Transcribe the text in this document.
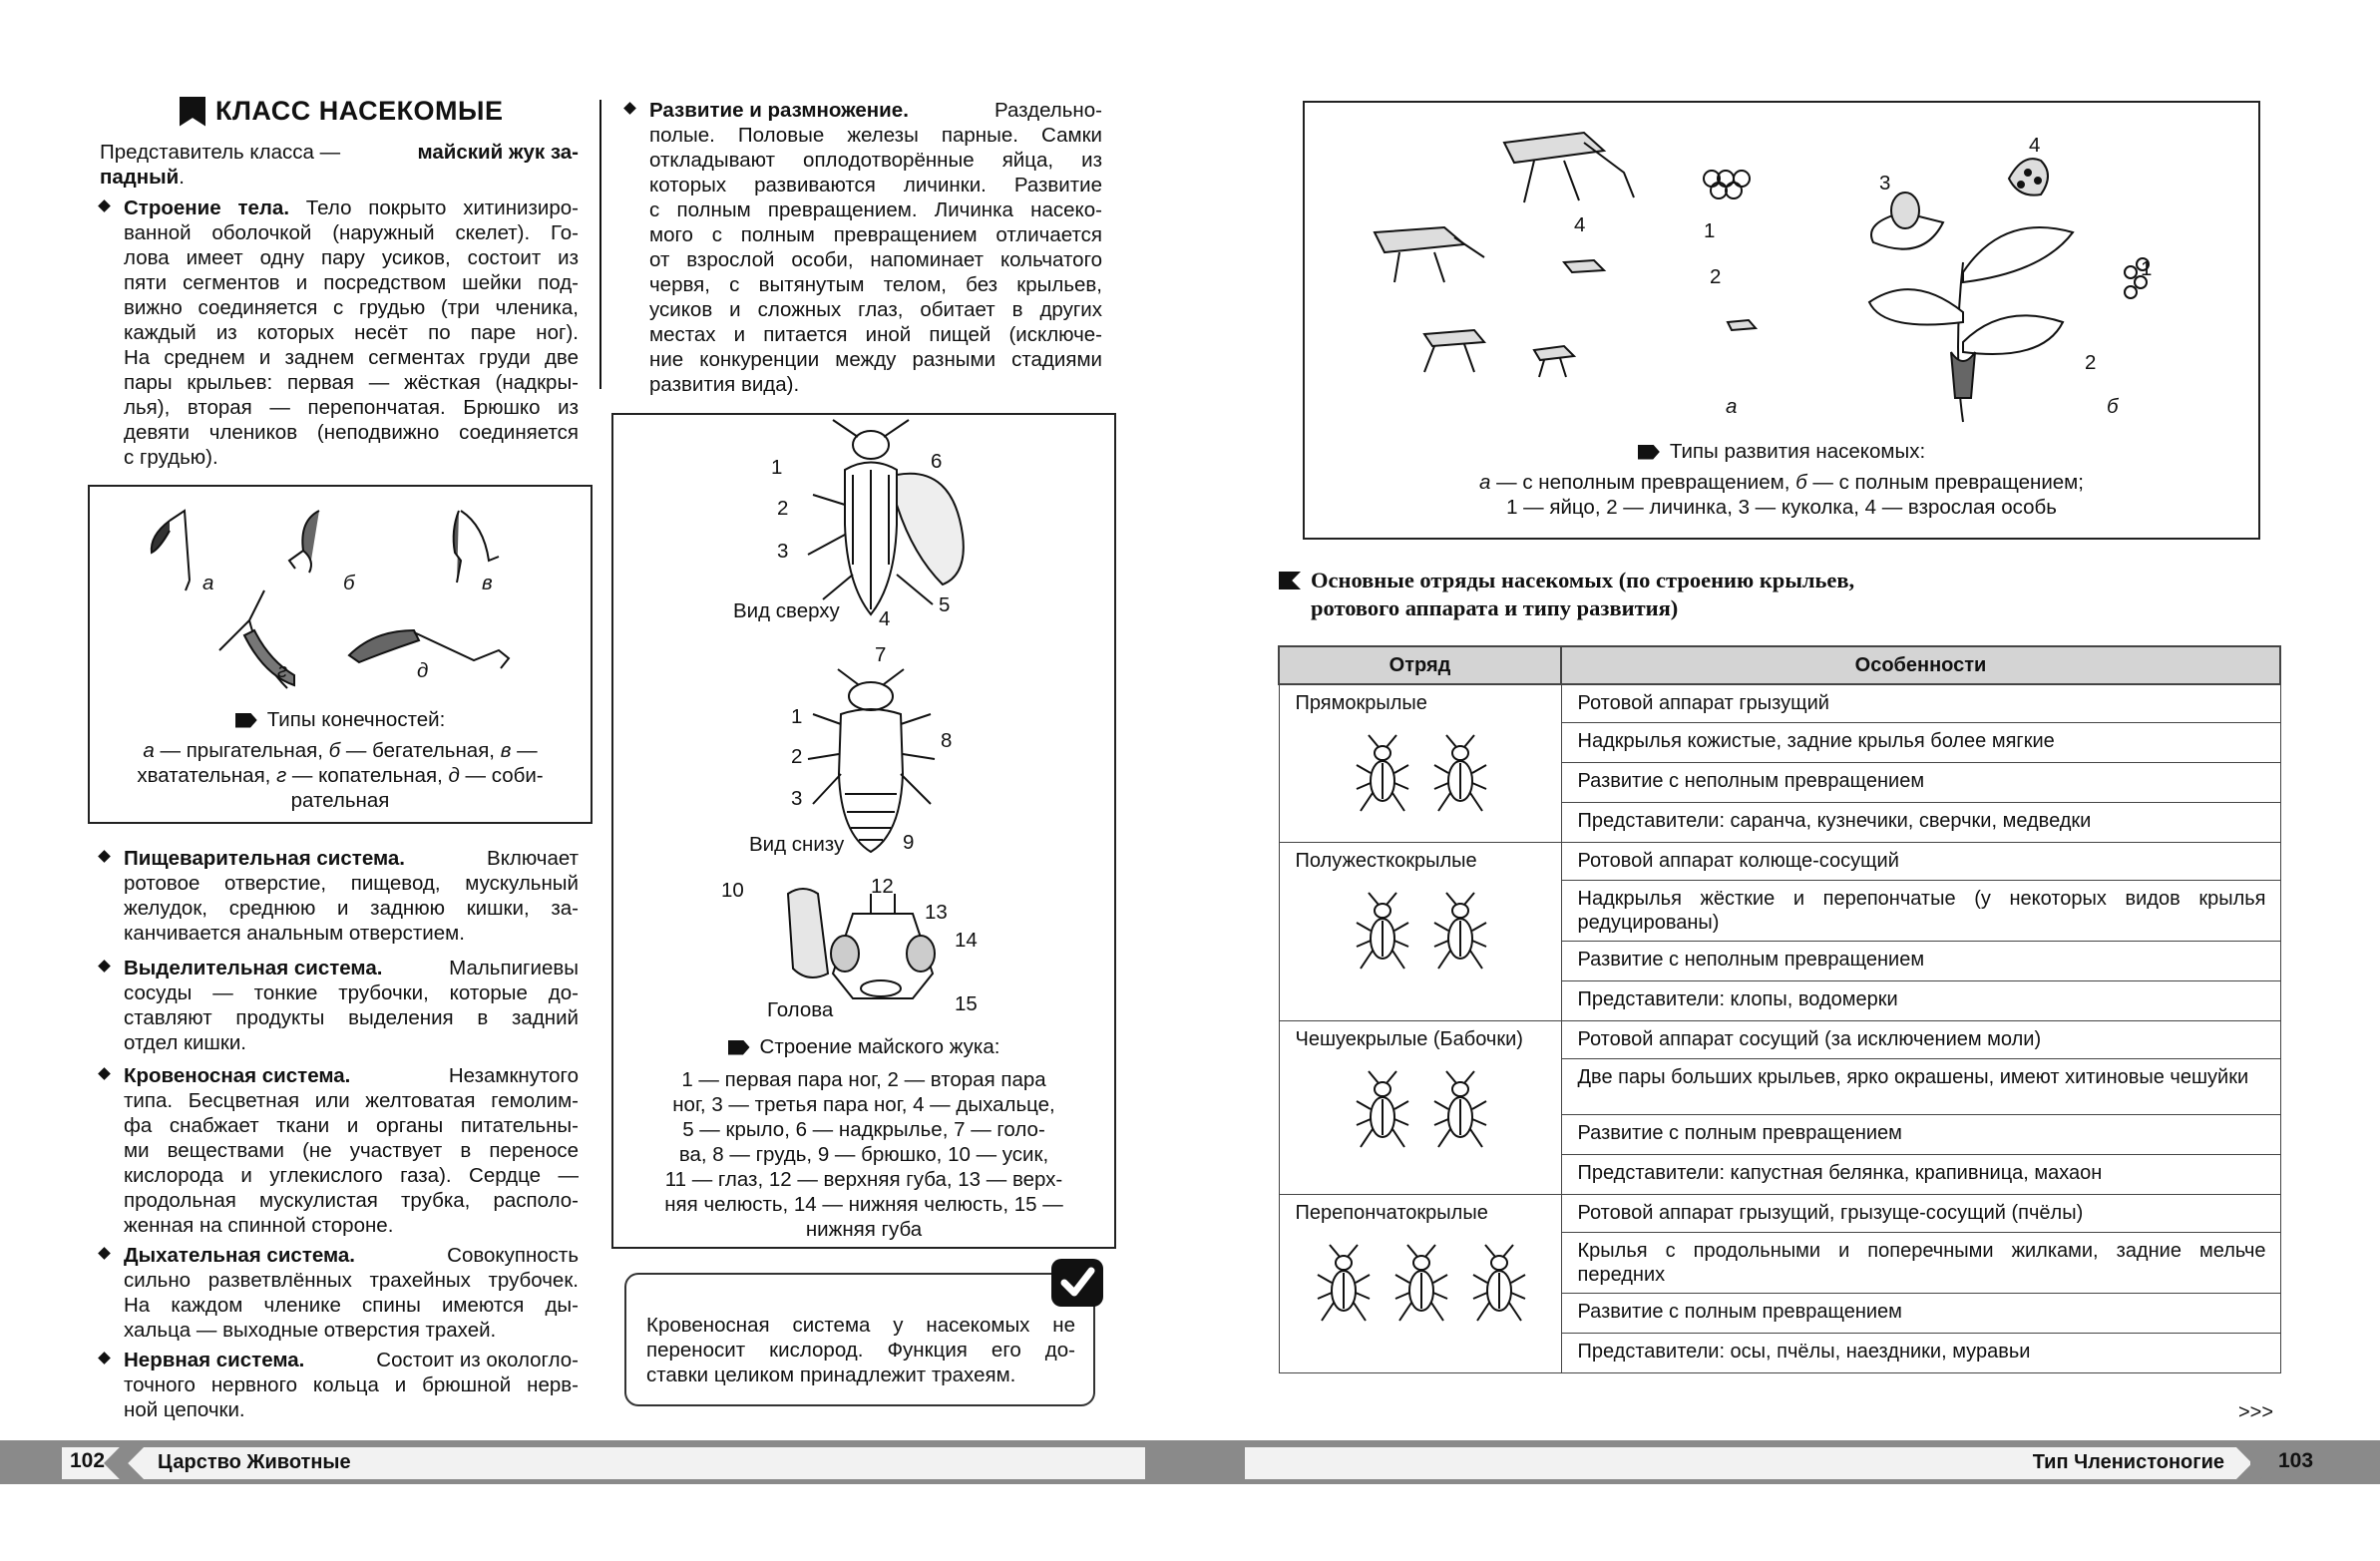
КЛАСС НАСЕКОМЫЕ
Представитель класса —	майский жук за-
падный.
Строение тела. Тело покрыто хитинизиро-
ванной оболочкой (наружный скелет). Го-
лова имеет одну пару усиков, состоит из
пяти сегментов и посредством шейки под-
вижно соединяется с грудью (три членика,
каждый из которых несёт по паре ног).
На среднем и заднем сегментах груди две
пары крыльев: первая — жёсткая (надкры-
лья), вторая — перепончатая. Брюшко из
девяти члеников (неподвижно соединяется
с грудью).
а	б	в
г	д
Типы конечностей:
а — прыгательная, б — бегательная, в —
хватательная, г — копательная, д — соби-
рательная
Пищеварительная система.	Включает
ротовое отверстие, пищевод, мускульный
желудок, среднюю и заднюю кишки, за-
канчивается анальным отверстием.
Выделительная система.	Мальпигиевы
сосуды — тонкие трубочки, которые до-
ставляют продукты выделения в задний
отдел кишки.
Кровеносная система.	Незамкнутого
типа. Бесцветная или желтоватая гемолим-
фа снабжает ткани и органы питательны-
ми веществами (не участвует в переносе
кислорода и углекислого газа). Сердце —
продольная мускулистая трубка, располо-
женная на спинной стороне.
Дыхательная система.	Совокупность
сильно разветвлённых трахейных трубочек.
На каждом членике спины имеются ды-
хальца — выходные отверстия трахей.
Нервная система.	Состоит из окологло-
точного нервного кольца и брюшной нерв-
ной цепочки.
Развитие и размножение.	Раздельно-
полые. Половые железы парные. Самки
откладывают оплодотворённые яйца, из
которых развиваются личинки. Развитие
с полным превращением. Личинка насеко-
мого с полным превращением отличается
от взрослой особи, напоминает кольчатого
червя, с вытянутым телом, без крыльев,
усиков и сложных глаз, обитает в других
местах и питается иной пищей (исключе-
ние конкуренции между разными стадиями
развития вида).
1
2
3
4
5
6
Вид сверху
7
1
2
3
8
9
Вид снизу
10	12
13
14
15
Голова
Строение майского жука:
1 — первая пара ног, 2 — вторая пара
ног, 3 — третья пара ног, 4 — дыхальце,
5 — крыло, 6 — надкрылье, 7 — голо-
ва, 8 — грудь, 9 — брюшко, 10 — усик,
11 — глаз, 12 — верхняя губа, 13 — верх-
няя челюсть, 14 — нижняя челюсть, 15 —
нижняя губа
Кровеносная система у насекомых не
переносит кислород. Функция его до-
ставки целиком принадлежит трахеям.
4	1
2
3
4
1
2
а	б
Типы развития насекомых:
а — с неполным превращением, б — с полным превращением;
1 — яйцо, 2 — личинка, 3 — куколка, 4 — взрослая особь
Основные отряды насекомых (по строению крыльев,
ротового аппарата и типу развития)
Отряд	Особенности

Прямокрылые	Ротовой аппарат грызущий
	Надкрылья кожистые, задние крылья более мягкие
	Развитие с неполным превращением
	Представители: саранча, кузнечики, сверчки, медведки

Полужесткокрылые	Ротовой аппарат колюще-сосущий
	Надкрылья жёсткие и перепончатые (у некоторых видов крылья редуцированы)
	Развитие с неполным превращением
	Представители: клопы, водомерки

Чешуекрылые (Бабочки)	Ротовой аппарат сосущий (за исключением моли)
	Две пары больших крыльев, ярко окрашены, имеют хитиновые чешуйки
	Развитие с полным превращением
	Представители: капустная белянка, крапивница, махаон

Перепончатокрылые	Ротовой аппарат грызущий, грызуще-сосущий (пчёлы)
	Крылья с продольными и поперечными жилками, задние мельче передних
	Развитие с полным превращением
	Представители: осы, пчёлы, наездники, муравьи
>>>
102	Царство Животные	Тип Членистоногие	103
